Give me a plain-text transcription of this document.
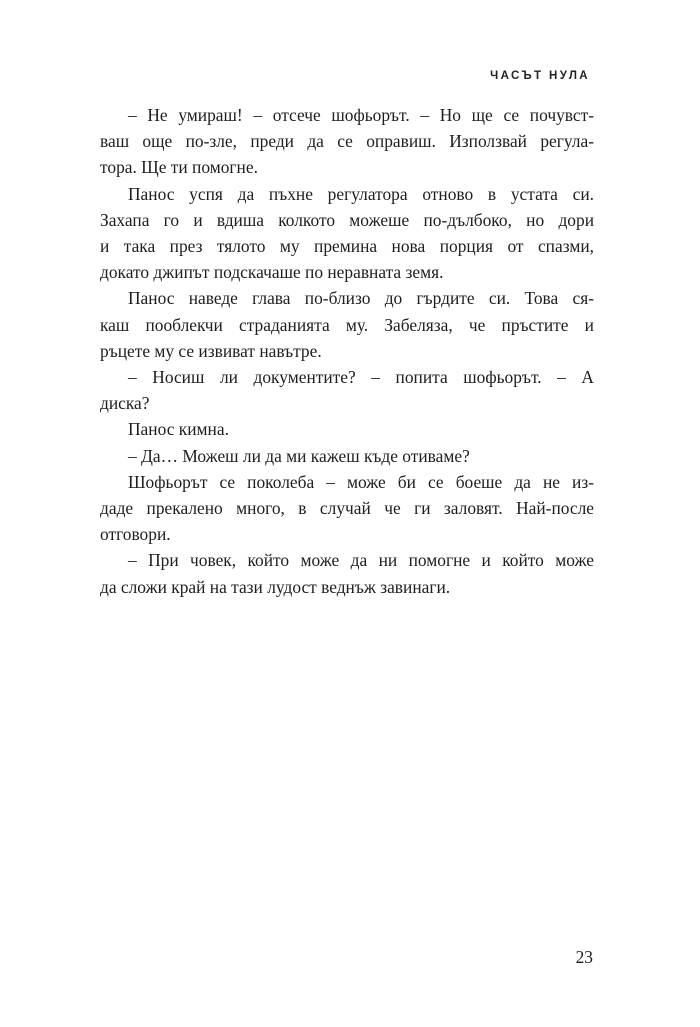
ЧАСЪТ НУЛА
– Не умираш! – отсече шофьорът. – Но ще се почувст-
ваш още по-зле, преди да се оправиш. Използвай регула-
тора. Ще ти помогне.
Панос успя да пъхне регулатора отново в устата си.
Захапа го и вдиша колкото можеше по-дълбоко, но дори
и така през тялото му премина нова порция от спазми,
докато джипът подскачаше по неравната земя.
Панос наведе глава по-близо до гърдите си. Това ся-
каш пооблекчи страданията му. Забеляза, че пръстите и
ръцете му се извиват навътре.
– Носиш ли документите? – попита шофьорът. – А
диска?
Панос кимна.
– Да… Можеш ли да ми кажеш къде отиваме?
Шофьорът се поколеба – може би се боеше да не из-
даде прекалено много, в случай че ги заловят. Най-после
отговори.
– При човек, който може да ни помогне и който може
да сложи край на тази лудост веднъж завинаги.
23
